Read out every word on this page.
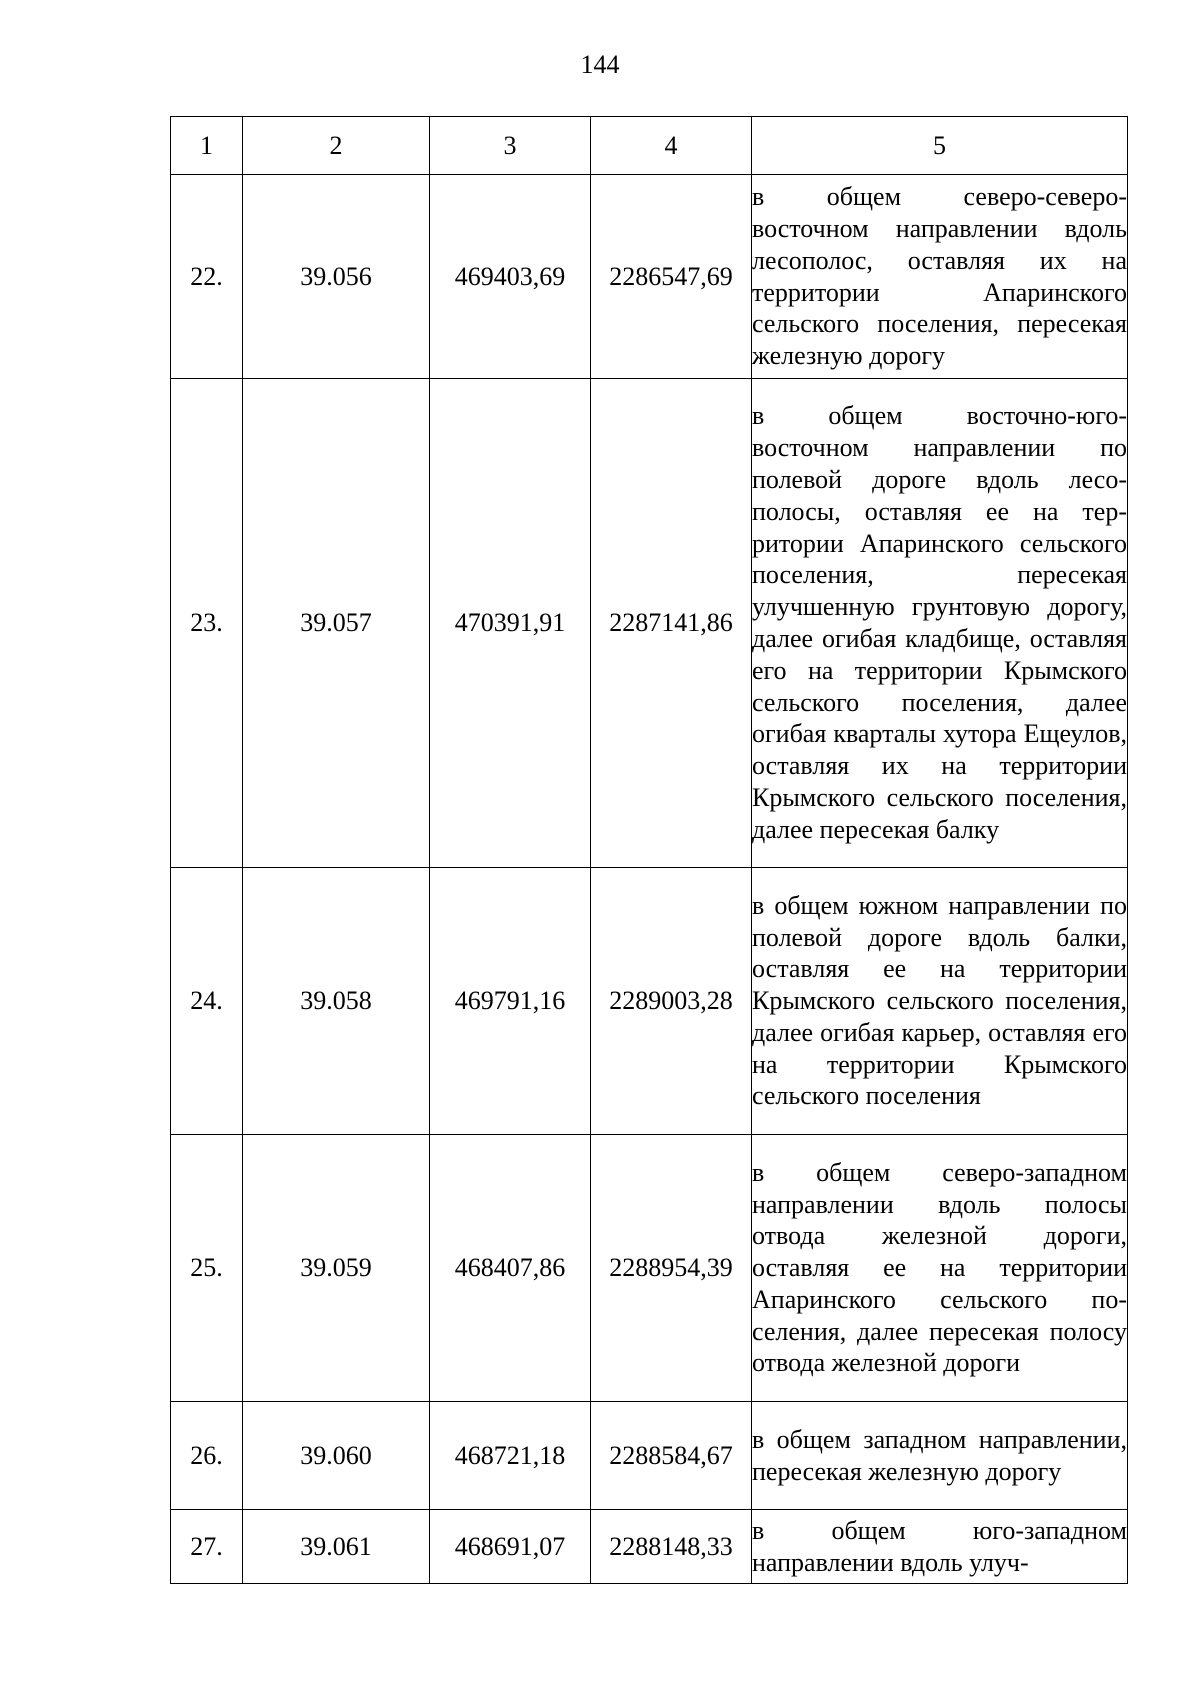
144
1	2	3	4	5
22.	39.056	469403,69	2286547,69	в общем северо-северо-восточном направлении вдоль лесополос, оставляя их на территории Апаринского сельского поселения, пересекая железную дорогу
23.	39.057	470391,91	2287141,86	в общем восточно-юго-восточном направлении по полевой дороге вдоль лесополосы, оставляя ее на территории Апаринского сельского поселения, пересекая улучшенную грунтовую дорогу, далее огибая кладбище, оставляя его на территории Крымского сельского поселения, далее огибая кварталы хутора Ещеулов, оставляя их на территории Крымского сельского поселения, далее пересекая балку
24.	39.058	469791,16	2289003,28	в общем южном направлении по полевой дороге вдоль балки, оставляя ее на территории Крымского сельского поселения, далее огибая карьер, оставляя его на территории Крымского сельского поселения
25.	39.059	468407,86	2288954,39	в общем северо-западном направлении вдоль полосы отвода железной дороги, оставляя ее на территории Апаринского сельского поселения, далее пересекая полосу отвода железной дороги
26.	39.060	468721,18	2288584,67	в общем западном направлении, пересекая железную дорогу
27.	39.061	468691,07	2288148,33	в общем юго-западном направлении вдоль улуч-
